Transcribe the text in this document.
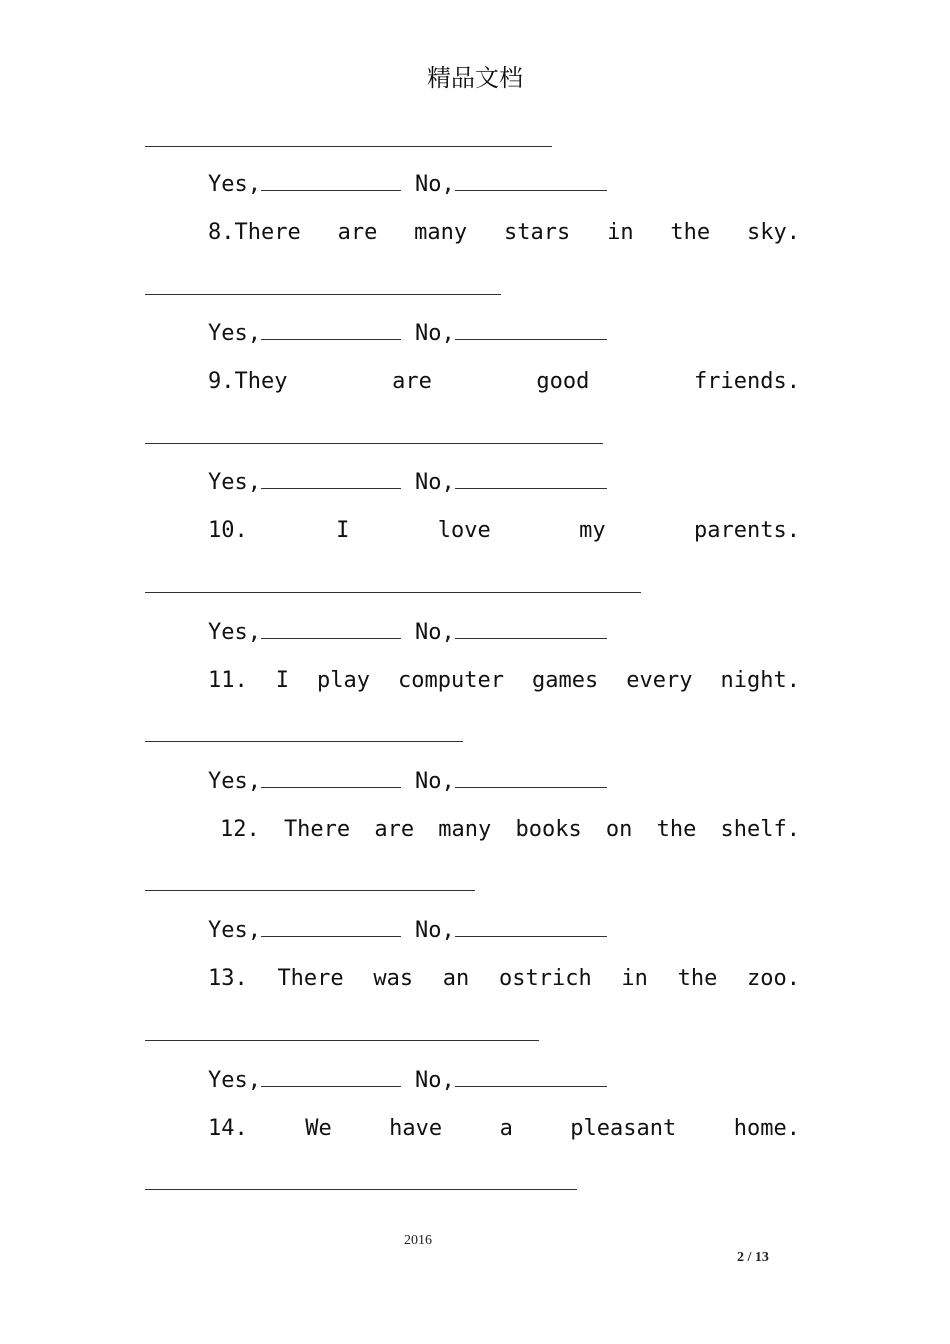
精品文档
Yes,	No,
8.There are many stars in the sky.
Yes,	No,
9.They	are	good	friends.
Yes,	No,
10.	I	love	my	parents.
Yes,	No,
11. I play computer games every night.
Yes,	No,
12. There are many books on the shelf.
Yes,	No,
13. There was an ostrich in the zoo.
Yes,	No,
14.	We	have	a	pleasant	home.
2016
2 / 13
